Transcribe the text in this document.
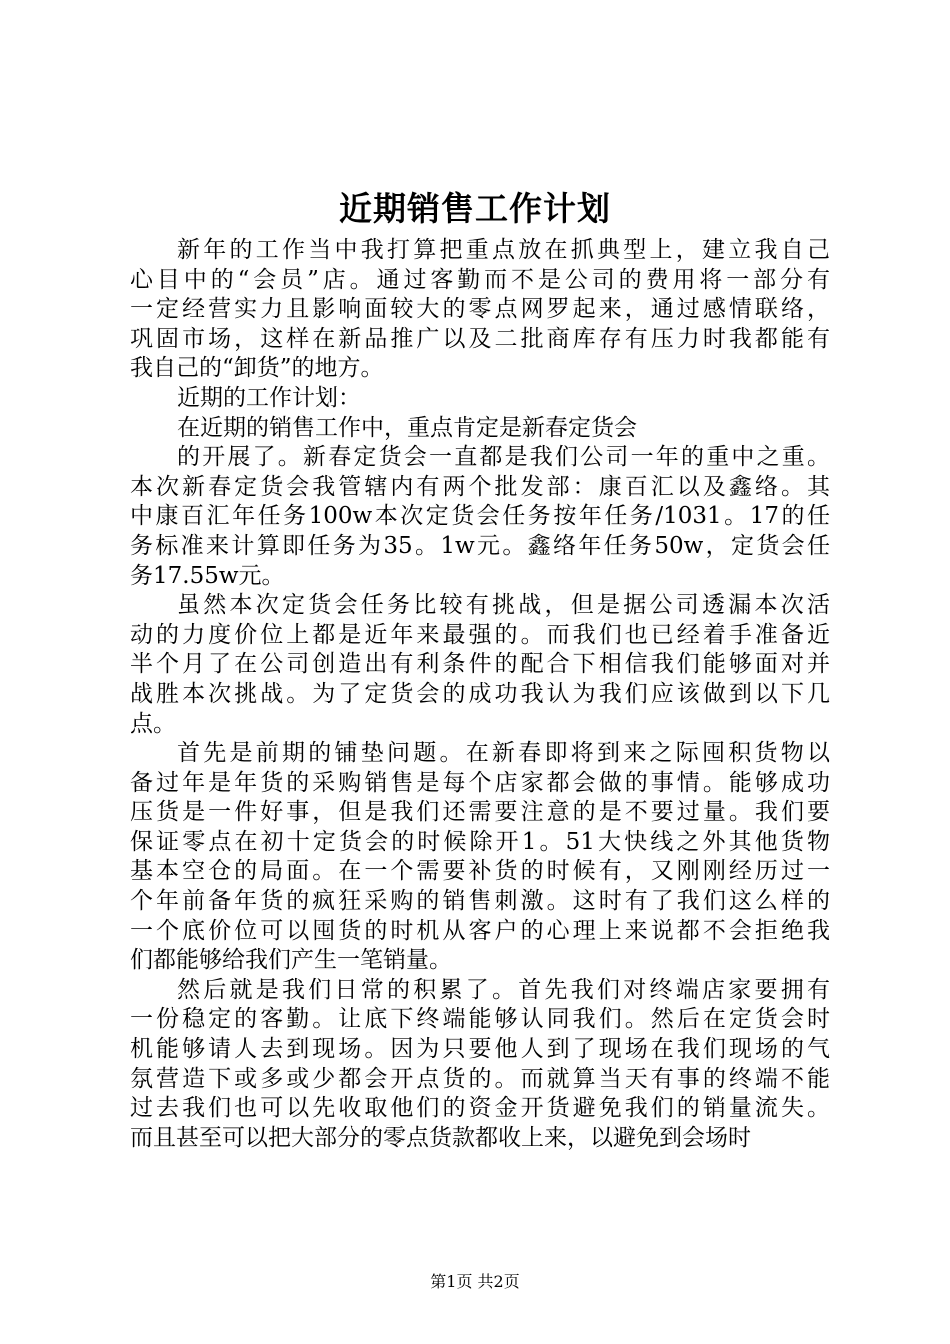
近期销售工作计划
新年的工作当中我打算把重点放在抓典型上，建立我自己
心目中的“会员”店。通过客勤而不是公司的费用将一部分有
一定经营实力且影响面较大的零点网罗起来，通过感情联络，
巩固市场，这样在新品推广以及二批商库存有压力时我都能有
我自己的“卸货”的地方。
近期的工作计划：
在近期的销售工作中，重点肯定是新春定货会
的开展了。新春定货会一直都是我们公司一年的重中之重。
本次新春定货会我管辖内有两个批发部：康百汇以及鑫络。其
中康百汇年任务100w本次定货会任务按年任务/1031。17的任
务标准来计算即任务为35。1w元。鑫络年任务50w，定货会任
务17.55w元。
虽然本次定货会任务比较有挑战，但是据公司透漏本次活
动的力度价位上都是近年来最强的。而我们也已经着手准备近
半个月了在公司创造出有利条件的配合下相信我们能够面对并
战胜本次挑战。为了定货会的成功我认为我们应该做到以下几
点。
首先是前期的铺垫问题。在新春即将到来之际囤积货物以
备过年是年货的采购销售是每个店家都会做的事情。能够成功
压货是一件好事，但是我们还需要注意的是不要过量。我们要
保证零点在初十定货会的时候除开1。51大快线之外其他货物
基本空仓的局面。在一个需要补货的时候有，又刚刚经历过一
个年前备年货的疯狂采购的销售刺激。这时有了我们这么样的
一个底价位可以囤货的时机从客户的心理上来说都不会拒绝我
们都能够给我们产生一笔销量。
然后就是我们日常的积累了。首先我们对终端店家要拥有
一份稳定的客勤。让底下终端能够认同我们。然后在定货会时
机能够请人去到现场。因为只要他人到了现场在我们现场的气
氛营造下或多或少都会开点货的。而就算当天有事的终端不能
过去我们也可以先收取他们的资金开货避免我们的销量流失。
而且甚至可以把大部分的零点货款都收上来，以避免到会场时
第1页 共2页
